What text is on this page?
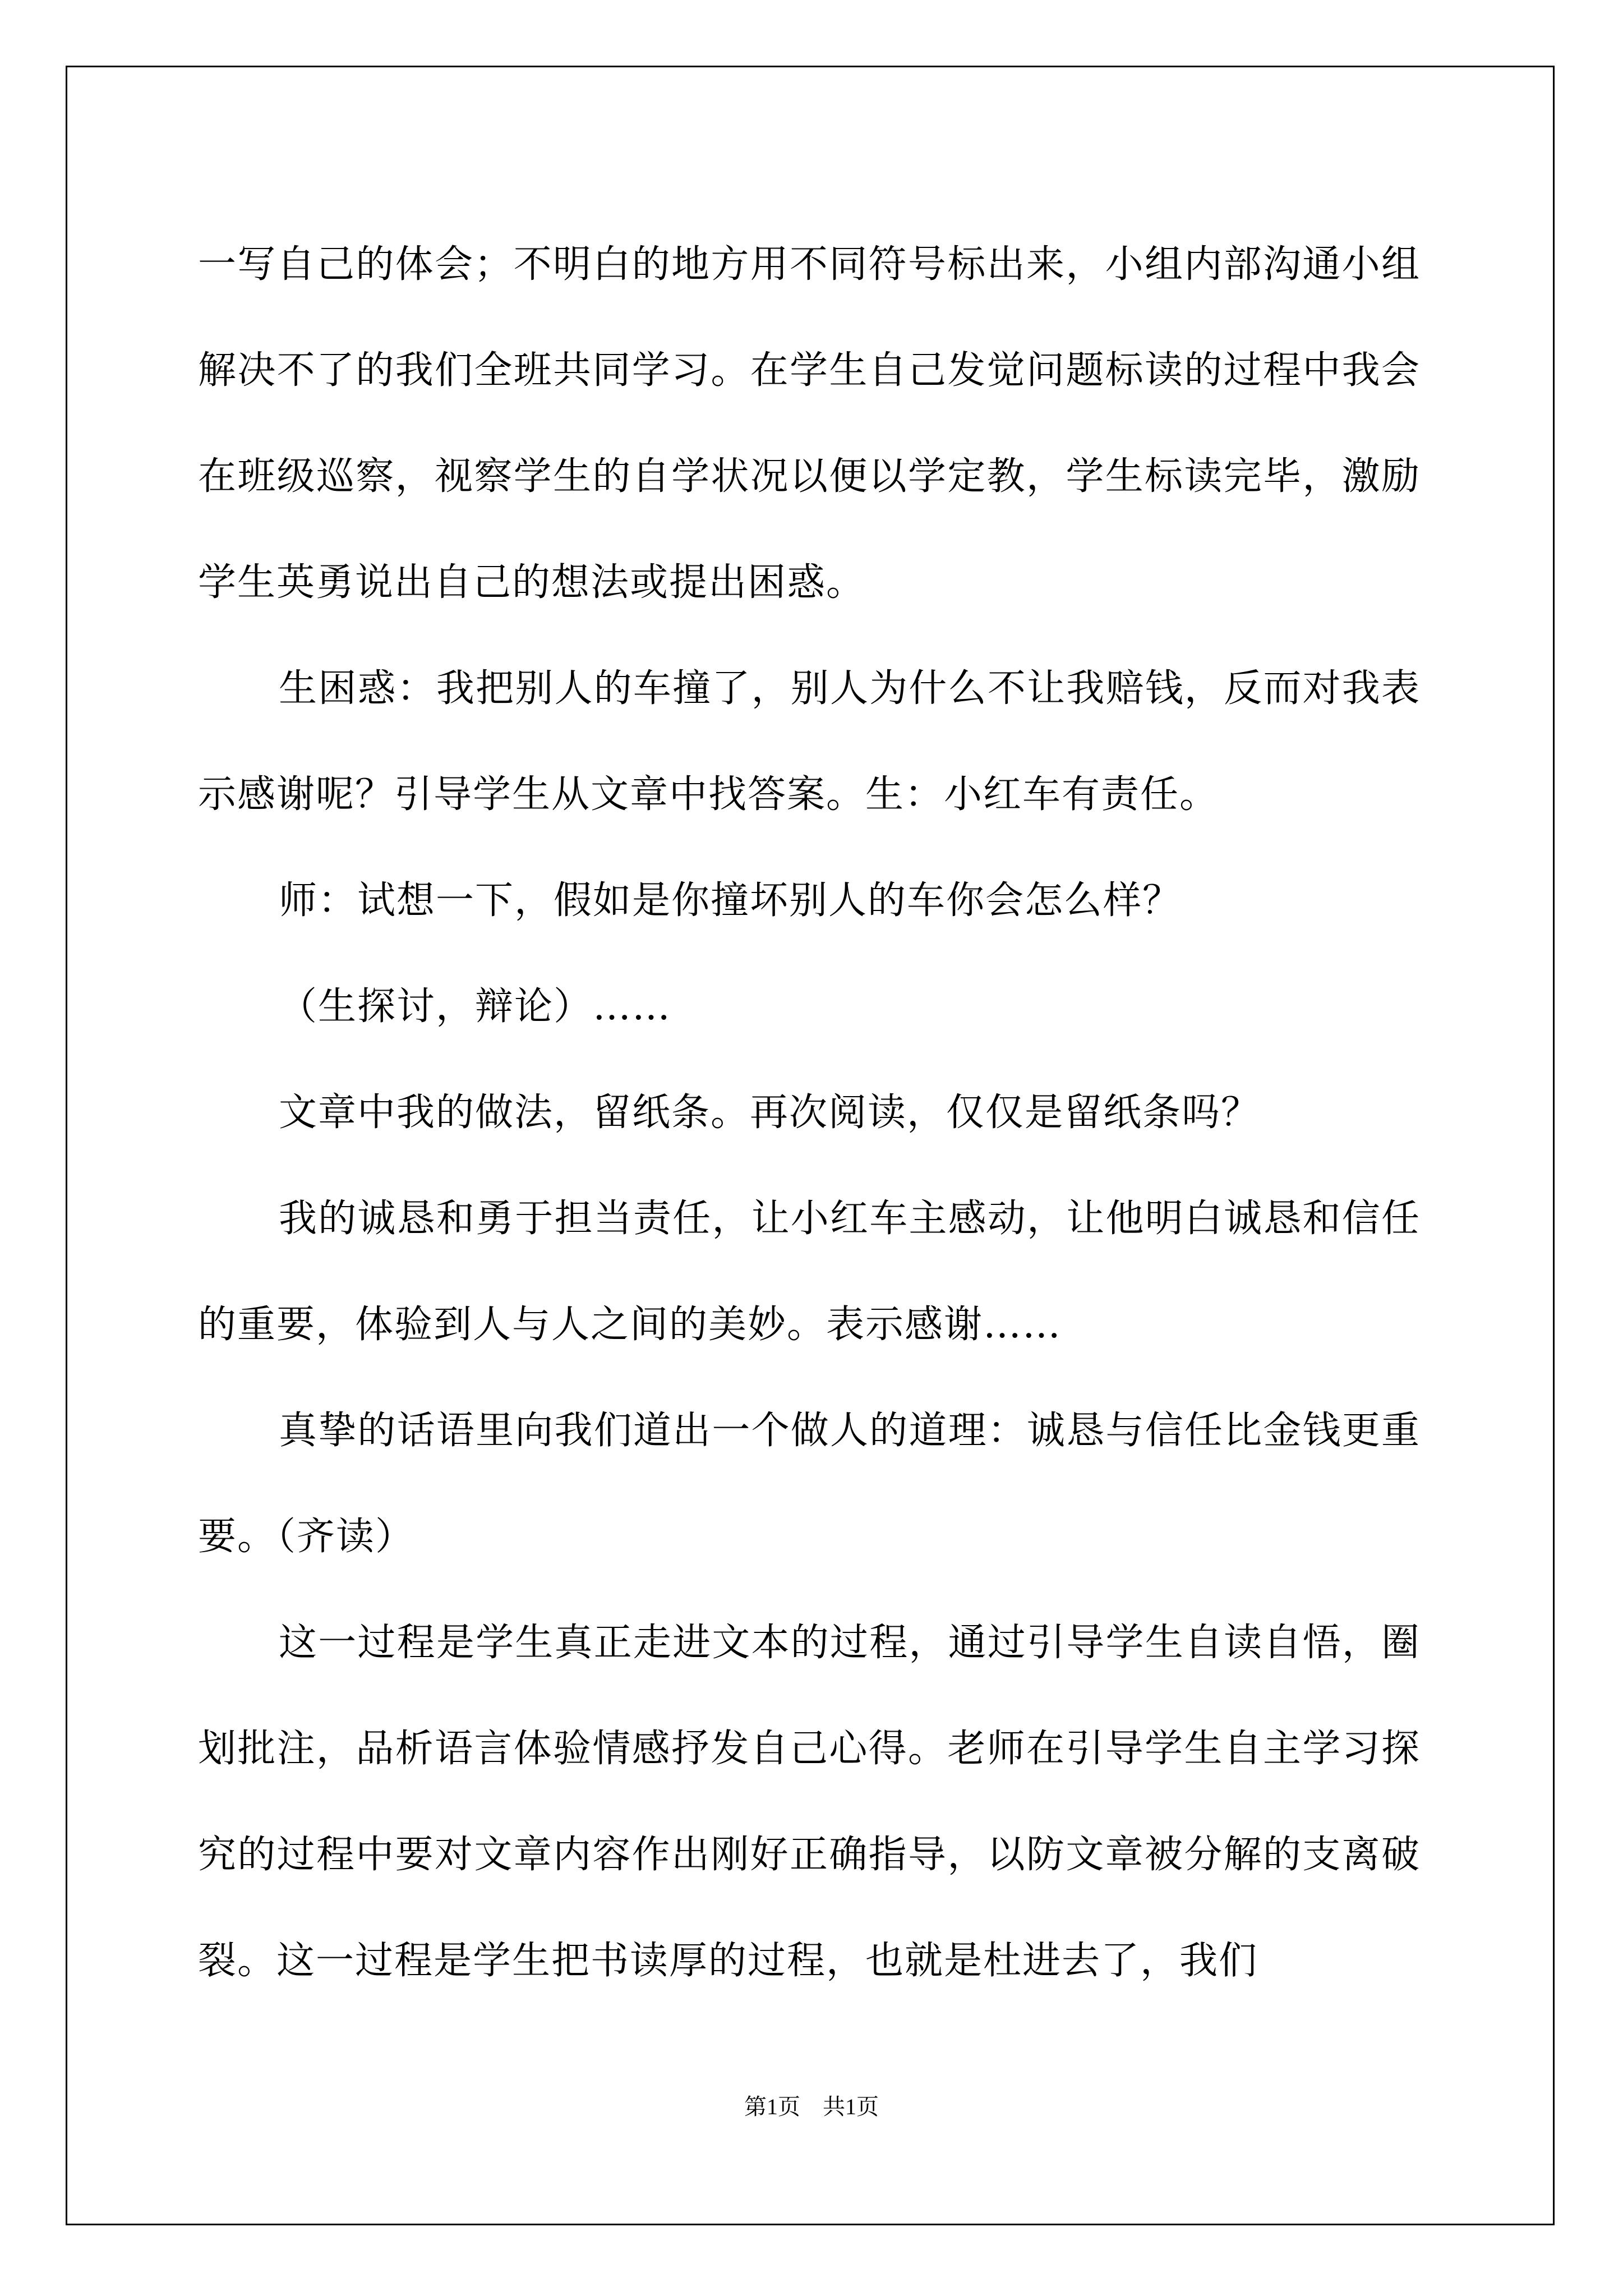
一写自己的体会；不明白的地方用不同符号标出来，小组内部沟通小组解决不了的我们全班共同学习。在学生自己发觉问题标读的过程中我会在班级巡察，视察学生的自学状况以便以学定教，学生标读完毕，激励学生英勇说出自己的想法或提出困惑。

生困惑：我把别人的车撞了，别人为什么不让我赔钱，反而对我表示感谢呢？引导学生从文章中找答案。生：小红车有责任。

师：试想一下，假如是你撞坏别人的车你会怎么样？

（生探讨，辩论）……

文章中我的做法，留纸条。再次阅读，仅仅是留纸条吗？

我的诚恳和勇于担当责任，让小红车主感动，让他明白诚恳和信任的重要，体验到人与人之间的美妙。表示感谢……

真挚的话语里向我们道出一个做人的道理：诚恳与信任比金钱更重要。（齐读）

这一过程是学生真正走进文本的过程，通过引导学生自读自悟，圈划批注，品析语言体验情感抒发自己心得。老师在引导学生自主学习探究的过程中要对文章内容作出刚好正确指导，以防文章被分解的支离破裂。这一过程是学生把书读厚的过程，也就是杜进去了，我们

第1页　共1页
